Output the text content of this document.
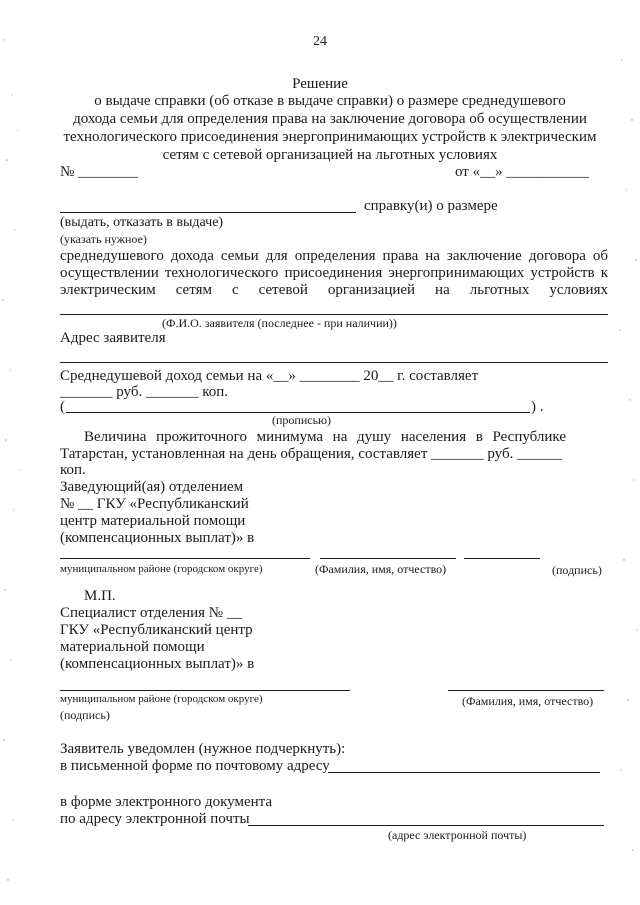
24
Решение
о выдаче справки (об отказе в выдаче справки) о размере среднедушевого
дохода семьи для определения права на заключение договора об осуществлении
технологического присоединения энергопринимающих устройств к электрическим
сетям с сетевой организацией на льготных условиях
№ ________	от «__» ___________
справку(и) о размере
(выдать, отказать в выдаче)
(указать нужное)
среднедушевого дохода семьи для определения права на заключение договора об
осуществлении технологического присоединения энергопринимающих устройств к
электрическим сетям с сетевой организацией на льготных условиях
(Ф.И.О. заявителя (последнее - при наличии))
Адрес заявителя
Среднедушевой доход семьи на «__» ________ 20__ г. составляет
_______ руб. _______ коп.
(	) .
(прописью)
Величина прожиточного минимума на душу населения в Республике
Татарстан, установленная на день обращения, составляет _______ руб. ______
коп.
Заведующий(ая) отделением
№ __ ГКУ «Республиканский
центр материальной помощи
(компенсационных выплат)» в
муниципальном районе (городском округе)	(Фамилия, имя, отчество)	(подпись)
М.П.
Специалист отделения № __
ГКУ «Республиканский центр
материальной помощи
(компенсационных выплат)» в
муниципальном районе (городском округе)	(Фамилия, имя, отчество)
(подпись)
Заявитель уведомлен (нужное подчеркнуть):
в письменной форме по почтовому адресу
в форме электронного документа
по адресу электронной почты
(адрес электронной почты)
